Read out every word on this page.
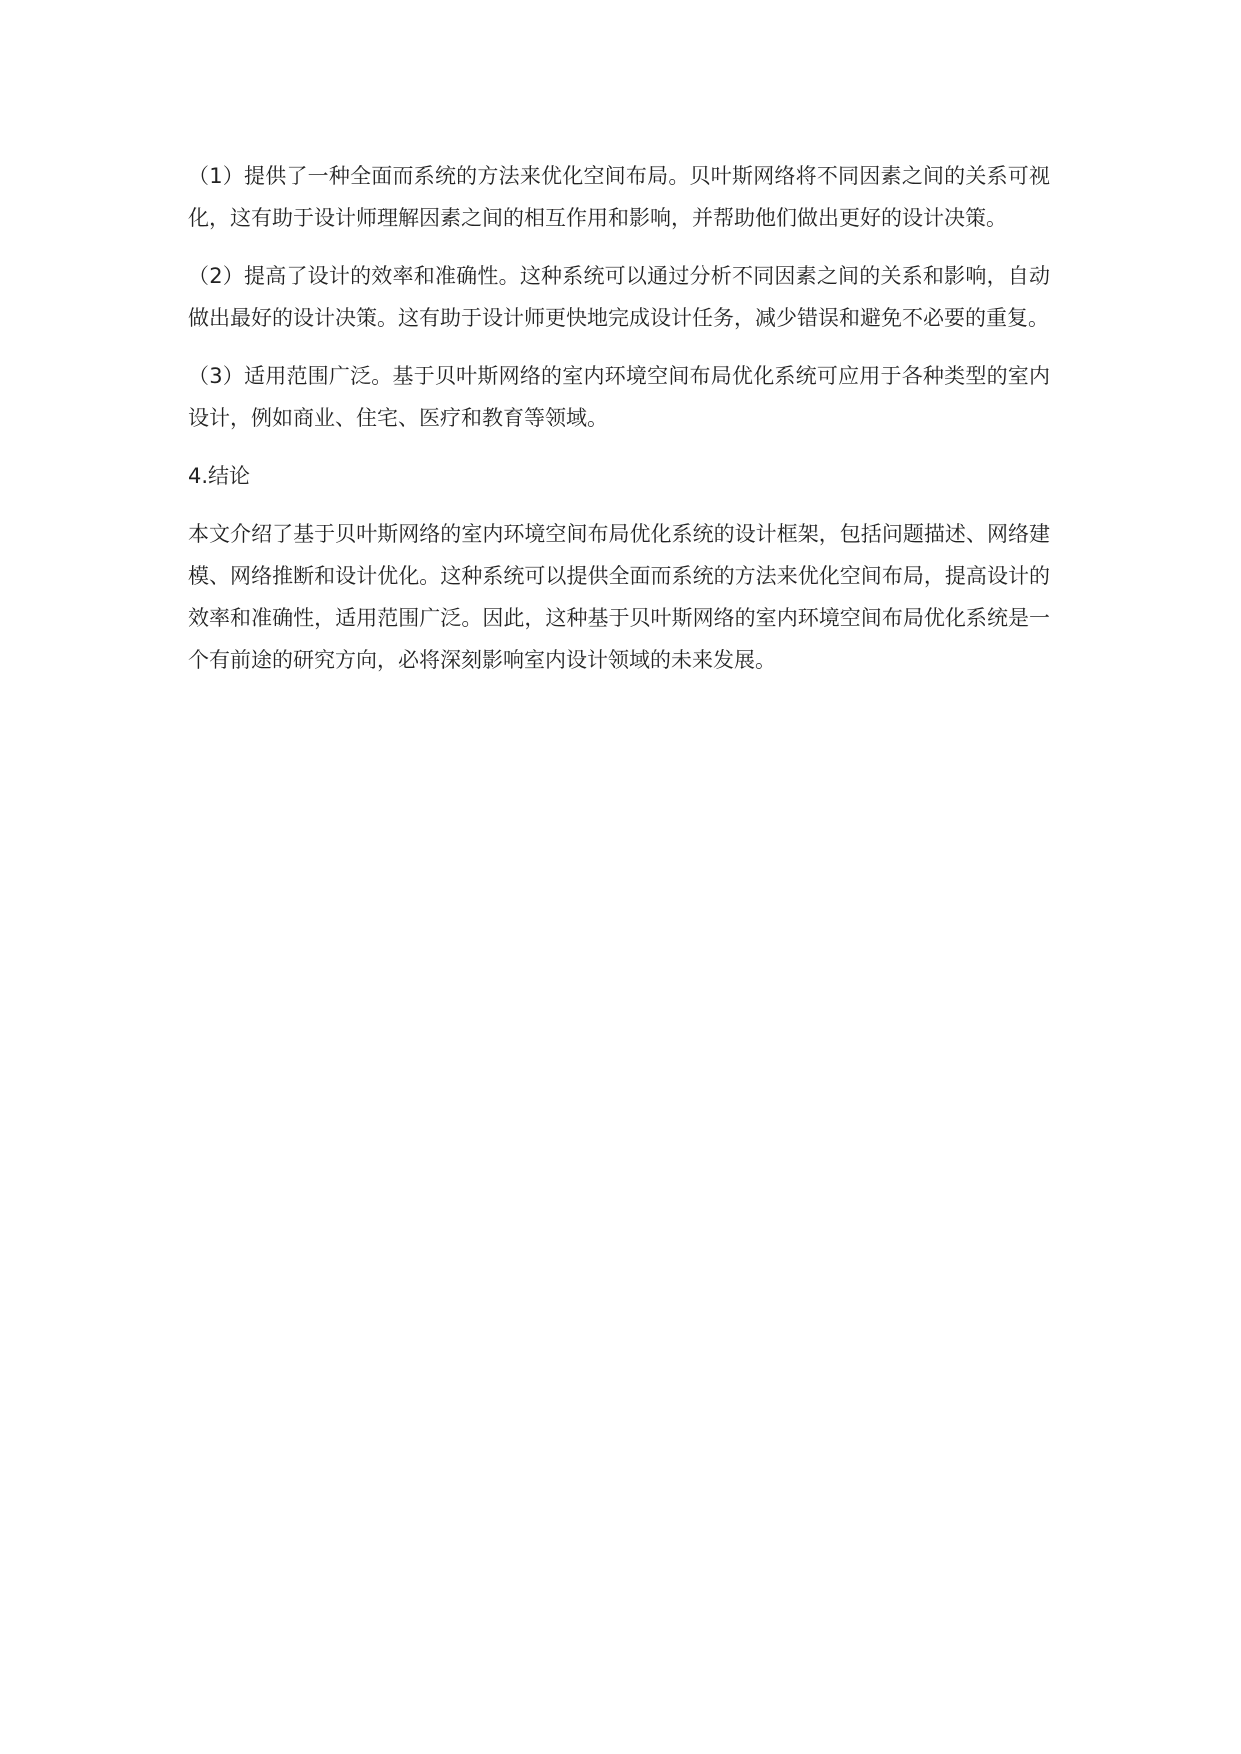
（1）提供了一种全面而系统的方法来优化空间布局。贝叶斯网络将不同因素之间的关系可视化，这有助于设计师理解因素之间的相互作用和影响，并帮助他们做出更好的设计决策。

（2）提高了设计的效率和准确性。这种系统可以通过分析不同因素之间的关系和影响，自动做出最好的设计决策。这有助于设计师更快地完成设计任务，减少错误和避免不必要的重复。

（3）适用范围广泛。基于贝叶斯网络的室内环境空间布局优化系统可应用于各种类型的室内设计，例如商业、住宅、医疗和教育等领域。

4.结论

本文介绍了基于贝叶斯网络的室内环境空间布局优化系统的设计框架，包括问题描述、网络建模、网络推断和设计优化。这种系统可以提供全面而系统的方法来优化空间布局，提高设计的效率和准确性，适用范围广泛。因此，这种基于贝叶斯网络的室内环境空间布局优化系统是一个有前途的研究方向，必将深刻影响室内设计领域的未来发展。
